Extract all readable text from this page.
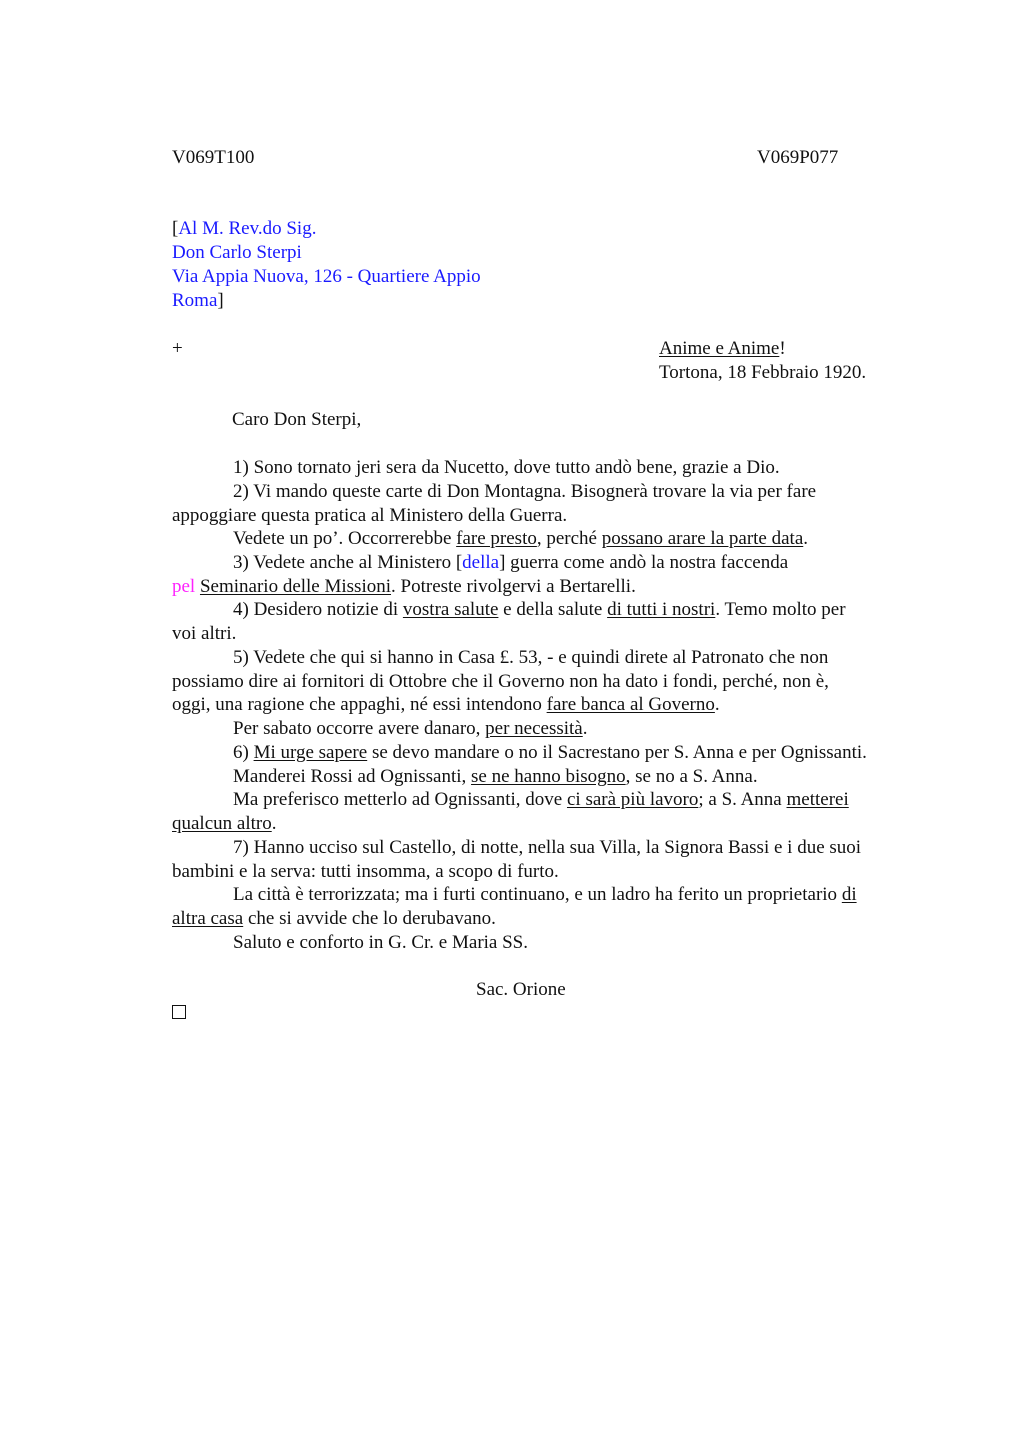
V069T100	V069P077
[Al M. Rev.do Sig.
Don Carlo Sterpi
Via Appia Nuova, 126 - Quartiere Appio
Roma]
+	Anime e Anime!
Tortona, 18 Febbraio 1920.
Caro Don Sterpi,
1) Sono tornato jeri sera da Nucetto, dove tutto andò bene, grazie a Dio.
2) Vi mando queste carte di Don Montagna. Bisognerà trovare la via per fare
appoggiare questa pratica al Ministero della Guerra.
Vedete un po’. Occorrerebbe fare presto, perché possano arare la parte data.
3) Vedete anche al Ministero [della] guerra come andò la nostra faccenda
pel Seminario delle Missioni. Potreste rivolgervi a Bertarelli.
4) Desidero notizie di vostra salute e della salute di tutti i nostri. Temo molto per
voi altri.
5) Vedete che qui si hanno in Casa £. 53, - e quindi direte al Patronato che non
possiamo dire ai fornitori di Ottobre che il Governo non ha dato i fondi, perché, non è,
oggi, una ragione che appaghi, né essi intendono fare banca al Governo.
Per sabato occorre avere danaro, per necessità.
6) Mi urge sapere se devo mandare o no il Sacrestano per S. Anna e per Ognissanti.
Manderei Rossi ad Ognissanti, se ne hanno bisogno, se no a S. Anna.
Ma preferisco metterlo ad Ognissanti, dove ci sarà più lavoro; a S. Anna metterei
qualcun altro.
7) Hanno ucciso sul Castello, di notte, nella sua Villa, la Signora Bassi e i due suoi
bambini e la serva: tutti insomma, a scopo di furto.
La città è terrorizzata; ma i furti continuano, e un ladro ha ferito un proprietario di
altra casa che si avvide che lo derubavano.
Saluto e conforto in G. Cr. e Maria SS.
Sac. Orione
